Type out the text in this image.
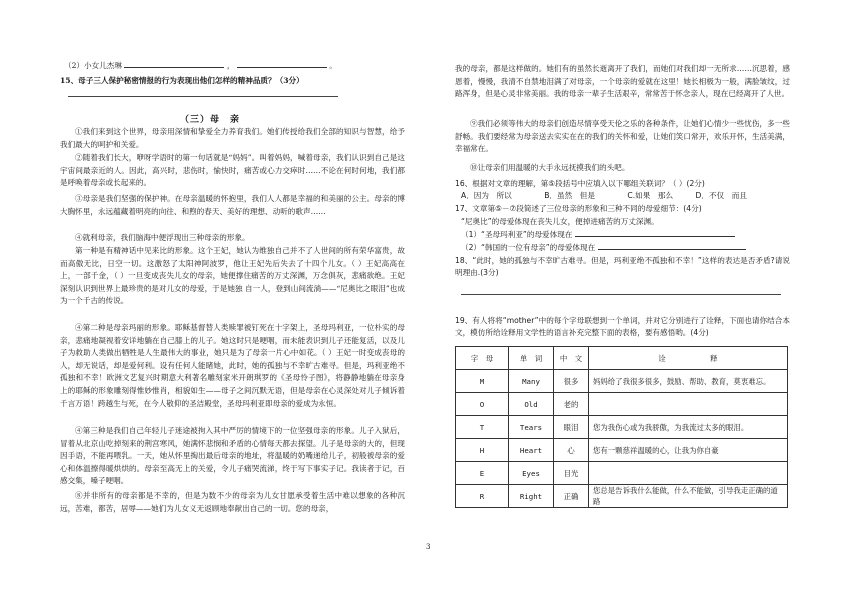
（2）小女儿杰琳	，	。
15、母子三人保护秘密情报的行为表现出他们怎样的精神品质？（3分）
（三）母　亲
①我们来到这个世界，母亲用深情和挚爱全力养育我们。她们传授给我们全部的知识与智慧，给予我们最大的呵护和关爱。
②随着我们长大，咿呀学语时的第一句话就是“妈妈”。叫着妈妈，喊着母亲，我们认识到自己是这宇宙间最亲近的人。因此，高兴时，悲伤时，愉快时，痛苦或心力交瘁时……不论在何时何地，我们都是呼唤着母亲或长起来的。
③母亲是我们坚强的保护神。在母亲温暖的怀抱里，我们人人都是幸福的和美丽的公主。母亲的博大胸怀里，永远蕴藏着明亮的向往、和煦的春天、美好的理想、动听的歌声……
④就利母亲，我们脑海中便浮现出三种母亲的形象。
第一种是有精神话中见来比的形象。这个王妃，她认为维独自己并不了人世间的所有荣华富贵，故而高傲无比，日空一切。这激怒了太阳神阿波罗，他让王妃先后失去了十四个儿女。（ ）王妃高高在上，一部千金，（ ）一旦变成丧失儿女的母亲，她便撑住痛苦的万丈深渊，万念俱灰，悲痛欲绝。王妃深刻认识到世界上最珍贵的是对儿女的母爱，于是她独 自一人，登到山间流淌——“尼奥比之眼泪”也成为一个千古的传说。
④第二种是母亲玛丽的形象。耶稣基督替人类赎罪被钉死在十字架上，圣母玛利亚，一位朴实的母亲，悲痛地凝视着安详地躺在自己膝上的儿子。她这时只是哽咽，而未能表识到儿子还能复活，以及儿子为救助人类做出牺牲是人生最伟大的事业，她只是为了母亲一片心中如花。（ ）王妃一时变成丧母的人，却无说话，却是爱何利。设有任何人能睹她，此时，她的孤独与不幸旷古难寻。但是，玛利亚绝不孤独和不幸！欧洲文艺复兴时期意大利著名雕刻家米开朗琪罗的《圣母怜子图》，将静静地躺在母亲身上的耶稣的形象雕刻得惟妙惟肖，相貌如生——母子之间沉默无语，但是母亲在心灵深处对儿子倾诉着千言万语！跨越生与死，在今人敬仰的圣洁殿堂，圣母玛利亚即母亲的爱成为永恒。
④第三种是我们自己年轻儿子迷途被拘入其中严厉的情境下的一位坚强母亲的形象。儿子入狱后，冒着从北京山吃掉刻来的荆宫寒风，她满怀悲悯和矛盾的心情每天都去探望。儿子是母亲的大的，但现因手语，不能再喂乳。一天，她从怀里掏出最后母亲的地址，将温暖的奶嘴递给儿子，初般被母亲的爱心和体温擦得暖烘烘的。母亲至高无上的关爱，令儿子痛哭流涕，终于写下事实子记。我读者于记，百感交集，嗓子哽咽。
⑧并非所有的母亲都是不幸的，但是为数不少的母亲为儿女甘愿承受着生活中难以想象的各种沉远，苦难，都苦，居辱——她们为儿女义无返顾地奉献出自己的一切。您的母亲，
我的母亲，都是这样做的。她们有的虽然长逝离开了我们，而她们对我们却一无所求……沉思着，感恩着，慢慢，我清不自禁地泪满了对母亲，一个母亲的爱就在这里！她长相极为一般，满脸皱纹，过路浑身，但是心灵非常美丽。我的母亲一辈子生活艰辛，常常苦于怀念亲人，现在已经离开了人世。
⑨我们必须等伟大的母亲们创造尽情享受天伦之乐的各种条件，让她们心情少一些忧伤，多一些舒畅。我们要经常为母亲送去实实在在的我们的关怀和爱，让她们笑口常开，欢乐开怀，生活美满，幸福常在。
⑩让母亲们用温暖的大手永远抚摸我们的头吧。
16、根据对文章的理解，第⑤段括号中应填入以下哪组关联词？（ ）(2分)
A．因为　所以	B．虽然　但是	C.如果　那么	D．不仅　而且
17、文章第⑤－⑦段简述了三位母亲的形象和三种不同的母爱细节：(4分)
“尼奥比”的母爱体现在丧失儿女，便掉进痛苦的万丈深渊。
（1）“圣母玛利亚”的母爱体现在
（2）“韩国的一位有母亲”的母爱体现在
18、“此时，她的孤独与不幸旷古难寻。但是，玛利亚绝不孤独和不幸！”这样的表达是否矛盾?请说明理由.(3分)
19、有人将将“mother”中的每个字母联想到一个单词，并对它分别进行了诠释，下面也请你结合本文，模仿所给诠释用文学性的语言补充完整下面的表格，要有感悟哟。(4分)
字　母	单　词	中　文	诠　　　　　　释
M	Many	很多	妈妈给了我很多很多，鼓励、帮助、教育，莫衷难忘。
O	Old	老的	
T	Tears	眼泪	您为我伤心或为我骄傲，为我流过太多的眼泪。
H	Heart	心	您有一颗慈祥温暖的心，让我为你自豪
E	Eyes	目光	
R	Right	正确	您总是告诉我什么能做，什么不能做，引导我走正确的道路
3
